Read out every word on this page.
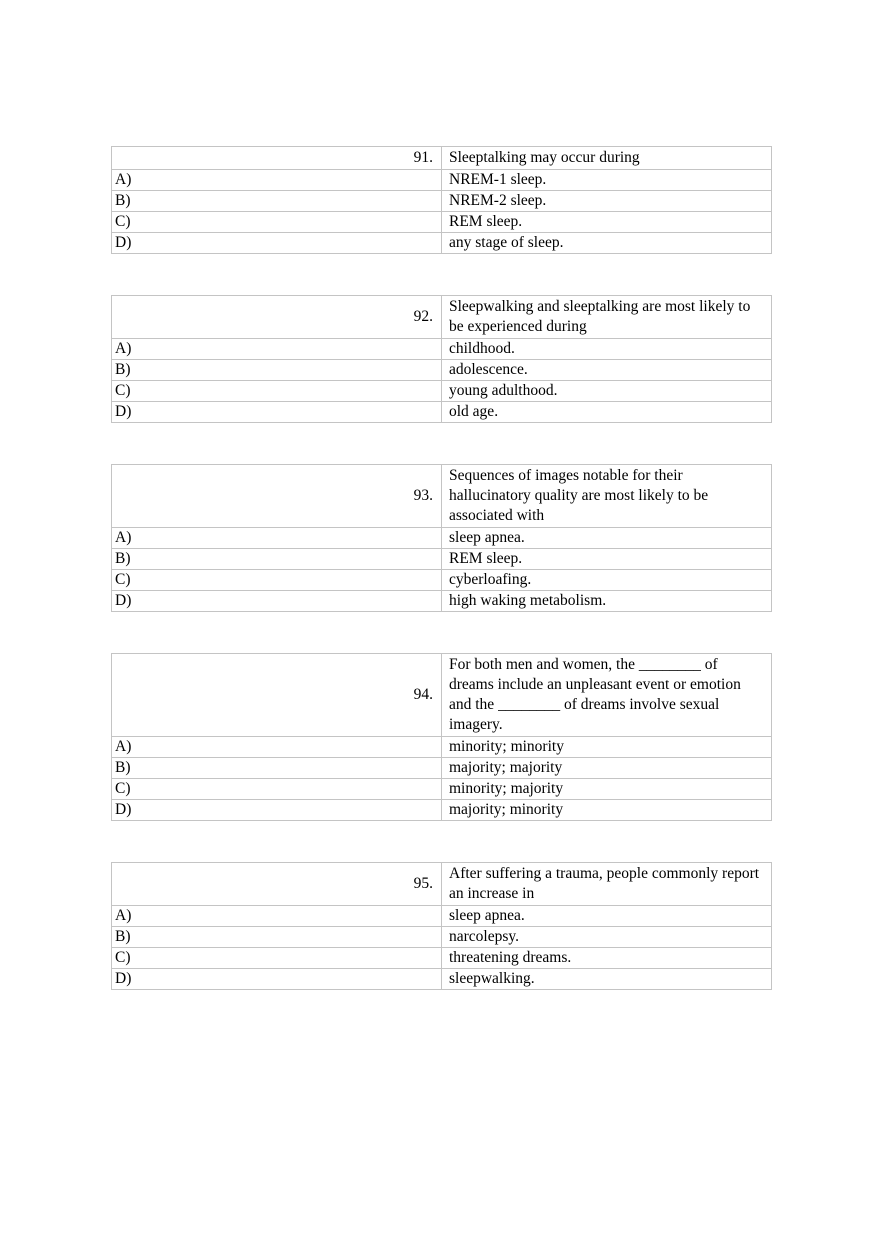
91.	Sleeptalking may occur during
A)	NREM-1 sleep.
B)	NREM-2 sleep.
C)	REM sleep.
D)	any stage of sleep.
92.	Sleepwalking and sleeptalking are most likely to be experienced during
A)	childhood.
B)	adolescence.
C)	young adulthood.
D)	old age.
93.	Sequences of images notable for their hallucinatory quality are most likely to be associated with
A)	sleep apnea.
B)	REM sleep.
C)	cyberloafing.
D)	high waking metabolism.
94.	For both men and women, the ________ of dreams include an unpleasant event or emotion and the ________ of dreams involve sexual imagery.
A)	minority; minority
B)	majority; majority
C)	minority; majority
D)	majority; minority
95.	After suffering a trauma, people commonly report an increase in
A)	sleep apnea.
B)	narcolepsy.
C)	threatening dreams.
D)	sleepwalking.
